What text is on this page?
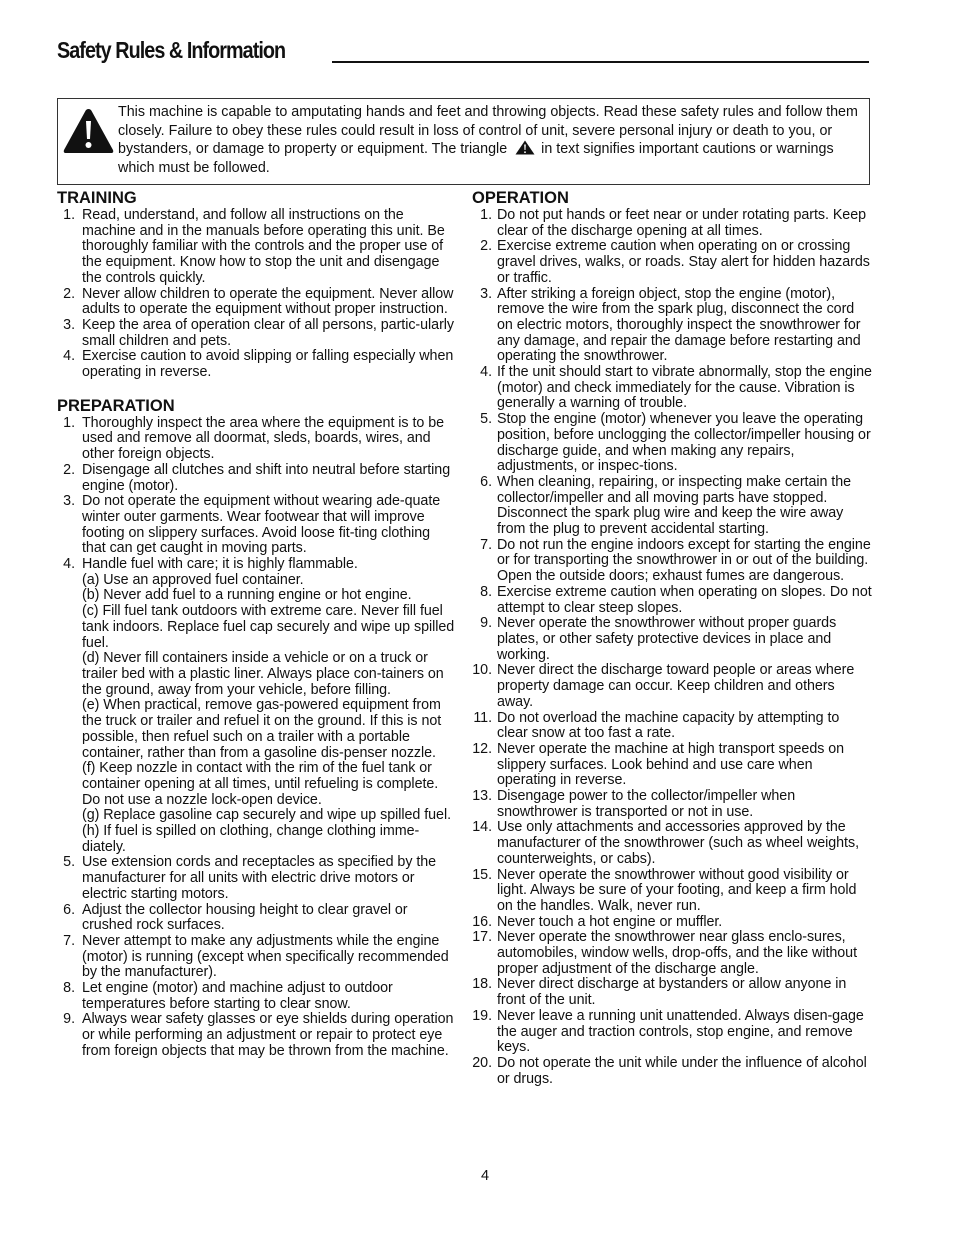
Safety Rules & Information
This machine is capable to amputating hands and feet and throwing objects. Read these safety rules and follow them closely. Failure to obey these rules could result in loss of control of unit, severe personal injury or death to you, or bystanders, or damage to property or equipment. The triangle in text signifies important cautions or warnings which must be followed.
TRAINING
1. Read, understand, and follow all instructions on the machine and in the manuals before operating this unit. Be thoroughly familiar with the controls and the proper use of the equipment. Know how to stop the unit and disengage the controls quickly.
2. Never allow children to operate the equipment. Never allow adults to operate the equipment without proper instruction.
3. Keep the area of operation clear of all persons, partic-ularly small children and pets.
4. Exercise caution to avoid slipping or falling especially when operating in reverse.
PREPARATION
1. Thoroughly inspect the area where the equipment is to be used and remove all doormat, sleds, boards, wires, and other foreign objects.
2. Disengage all clutches and shift into neutral before starting engine (motor).
3. Do not operate the equipment without wearing ade-quate winter outer garments. Wear footwear that will improve footing on slippery surfaces. Avoid loose fit-ting clothing that can get caught in moving parts.
4. Handle fuel with care; it is highly flammable.
(a) Use an approved fuel container.
(b) Never add fuel to a running engine or hot engine.
(c) Fill fuel tank outdoors with extreme care. Never fill fuel tank indoors. Replace fuel cap securely and wipe up spilled fuel.
(d) Never fill containers inside a vehicle or on a truck or trailer bed with a plastic liner. Always place con-tainers on the ground, away from your vehicle, before filling.
(e) When practical, remove gas-powered equipment from the truck or trailer and refuel it on the ground. If this is not possible, then refuel such on a trailer with a portable container, rather than from a gasoline dis-penser nozzle.
(f) Keep nozzle in contact with the rim of the fuel tank or container opening at all times, until refueling is complete. Do not use a nozzle lock-open device.
(g) Replace gasoline cap securely and wipe up spilled fuel.
(h) If fuel is spilled on clothing, change clothing imme-diately.
5. Use extension cords and receptacles as specified by the manufacturer for all units with electric drive motors or electric starting motors.
6. Adjust the collector housing height to clear gravel or crushed rock surfaces.
7. Never attempt to make any adjustments while the engine (motor) is running (except when specifically recommended by the manufacturer).
8. Let engine (motor) and machine adjust to outdoor temperatures before starting to clear snow.
9. Always wear safety glasses or eye shields during operation or while performing an adjustment or repair to protect eye from foreign objects that may be thrown from the machine.
OPERATION
1. Do not put hands or feet near or under rotating parts. Keep clear of the discharge opening at all times.
2. Exercise extreme caution when operating on or crossing gravel drives, walks, or roads. Stay alert for hidden hazards or traffic.
3. After striking a foreign object, stop the engine (motor), remove the wire from the spark plug, disconnect the cord on electric motors, thoroughly inspect the snowthrower for any damage, and repair the damage before restarting and operating the snowthrower.
4. If the unit should start to vibrate abnormally, stop the engine (motor) and check immediately for the cause. Vibration is generally a warning of trouble.
5. Stop the engine (motor) whenever you leave the operating position, before unclogging the collector/impeller housing or discharge guide, and when making any repairs, adjustments, or inspec-tions.
6. When cleaning, repairing, or inspecting make certain the collector/impeller and all moving parts have stopped. Disconnect the spark plug wire and keep the wire away from the plug to prevent accidental starting.
7. Do not run the engine indoors except for starting the engine or for transporting the snowthrower in or out of the building. Open the outside doors; exhaust fumes are dangerous.
8. Exercise extreme caution when operating on slopes. Do not attempt to clear steep slopes.
9. Never operate the snowthrower without proper guards plates, or other safety protective devices in place and working.
10. Never direct the discharge toward people or areas where property damage can occur. Keep children and others away.
11. Do not overload the machine capacity by attempting to clear snow at too fast a rate.
12. Never operate the machine at high transport speeds on slippery surfaces. Look behind and use care when operating in reverse.
13. Disengage power to the collector/impeller when snowthrower is transported or not in use.
14. Use only attachments and accessories approved by the manufacturer of the snowthrower (such as wheel weights, counterweights, or cabs).
15. Never operate the snowthrower without good visibility or light. Always be sure of your footing, and keep a firm hold on the handles. Walk, never run.
16. Never touch a hot engine or muffler.
17. Never operate the snowthrower near glass enclo-sures, automobiles, window wells, drop-offs, and the like without proper adjustment of the discharge angle.
18. Never direct discharge at bystanders or allow anyone in front of the unit.
19. Never leave a running unit unattended. Always disen-gage the auger and traction controls, stop engine, and remove keys.
20. Do not operate the unit while under the influence of alcohol or drugs.
4
